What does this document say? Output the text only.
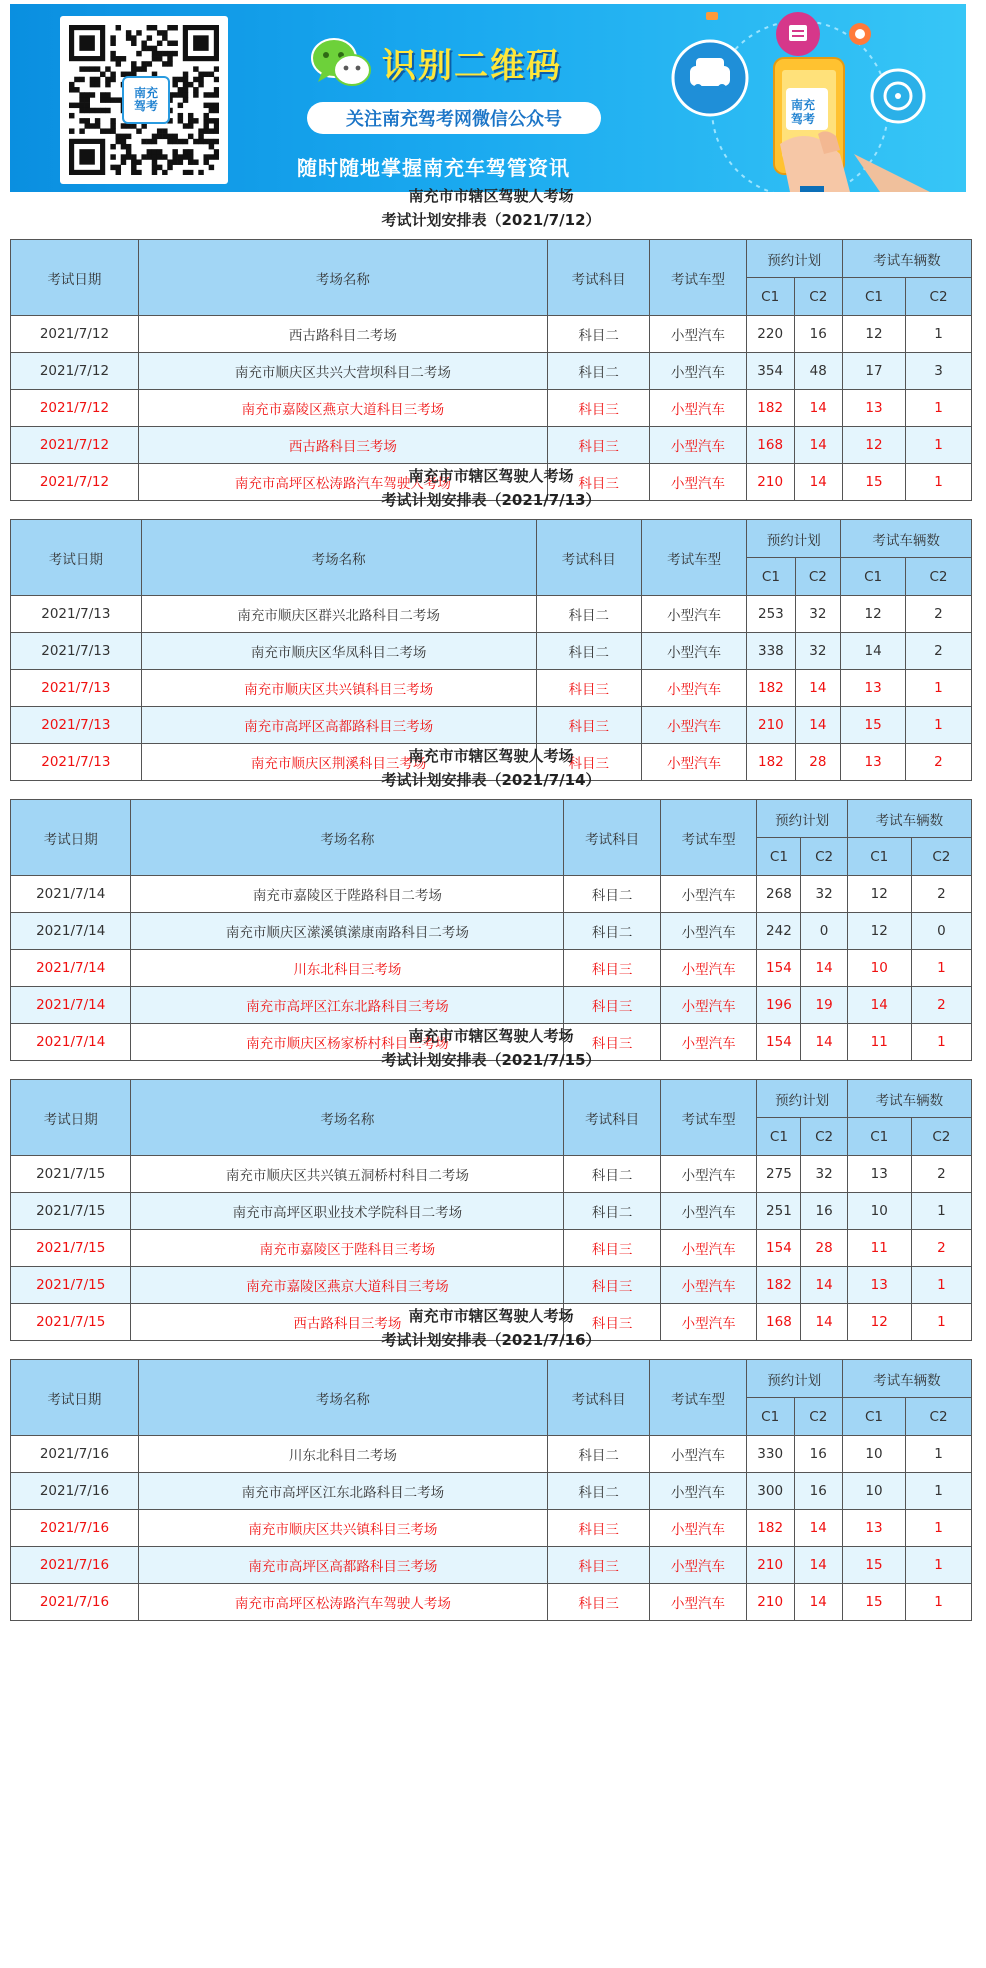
南充
驾考
识别二维码
关注南充驾考网微信公众号
随时随地掌握南充车驾管资讯
南充
驾考
南充市市辖区驾驶人考场
考试计划安排表（2021/7/12）
考试日期	考场名称	考试科目	考试车型	预约计划		考试车辆数	
				C1	C2	C1	C2
2021/7/12	西古路科目二考场	科目二	小型汽车	220	16	12	1
2021/7/12	南充市顺庆区共兴大营坝科目二考场	科目二	小型汽车	354	48	17	3
2021/7/12	南充市嘉陵区燕京大道科目三考场	科目三	小型汽车	182	14	13	1
2021/7/12	西古路科目三考场	科目三	小型汽车	168	14	12	1
2021/7/12	南充市高坪区松涛路汽车驾驶人考场	科目三	小型汽车	210	14	15	1
南充市市辖区驾驶人考场
考试计划安排表（2021/7/13）
考试日期	考场名称	考试科目	考试车型	预约计划		考试车辆数	
				C1	C2	C1	C2
2021/7/13	南充市顺庆区群兴北路科目二考场	科目二	小型汽车	253	32	12	2
2021/7/13	南充市顺庆区华凤科目二考场	科目二	小型汽车	338	32	14	2
2021/7/13	南充市顺庆区共兴镇科目三考场	科目三	小型汽车	182	14	13	1
2021/7/13	南充市高坪区高都路科目三考场	科目三	小型汽车	210	14	15	1
2021/7/13	南充市顺庆区荆溪科目三考场	科目三	小型汽车	182	28	13	2
南充市市辖区驾驶人考场
考试计划安排表（2021/7/14）
考试日期	考场名称	考试科目	考试车型	预约计划		考试车辆数	
				C1	C2	C1	C2
2021/7/14	南充市嘉陵区于陛路科目二考场	科目二	小型汽车	268	32	12	2
2021/7/14	南充市顺庆区潆溪镇潆康南路科目二考场	科目二	小型汽车	242	0	12	0
2021/7/14	川东北科目三考场	科目三	小型汽车	154	14	10	1
2021/7/14	南充市高坪区江东北路科目三考场	科目三	小型汽车	196	19	14	2
2021/7/14	南充市顺庆区杨家桥村科目三考场	科目三	小型汽车	154	14	11	1
南充市市辖区驾驶人考场
考试计划安排表（2021/7/15）
考试日期	考场名称	考试科目	考试车型	预约计划		考试车辆数	
				C1	C2	C1	C2
2021/7/15	南充市顺庆区共兴镇五洞桥村科目二考场	科目二	小型汽车	275	32	13	2
2021/7/15	南充市高坪区职业技术学院科目二考场	科目二	小型汽车	251	16	10	1
2021/7/15	南充市嘉陵区于陛科目三考场	科目三	小型汽车	154	28	11	2
2021/7/15	南充市嘉陵区燕京大道科目三考场	科目三	小型汽车	182	14	13	1
2021/7/15	西古路科目三考场	科目三	小型汽车	168	14	12	1
南充市市辖区驾驶人考场
考试计划安排表（2021/7/16）
考试日期	考场名称	考试科目	考试车型	预约计划		考试车辆数	
				C1	C2	C1	C2
2021/7/16	川东北科目二考场	科目二	小型汽车	330	16	10	1
2021/7/16	南充市高坪区江东北路科目二考场	科目二	小型汽车	300	16	10	1
2021/7/16	南充市顺庆区共兴镇科目三考场	科目三	小型汽车	182	14	13	1
2021/7/16	南充市高坪区高都路科目三考场	科目三	小型汽车	210	14	15	1
2021/7/16	南充市高坪区松涛路汽车驾驶人考场	科目三	小型汽车	210	14	15	1
